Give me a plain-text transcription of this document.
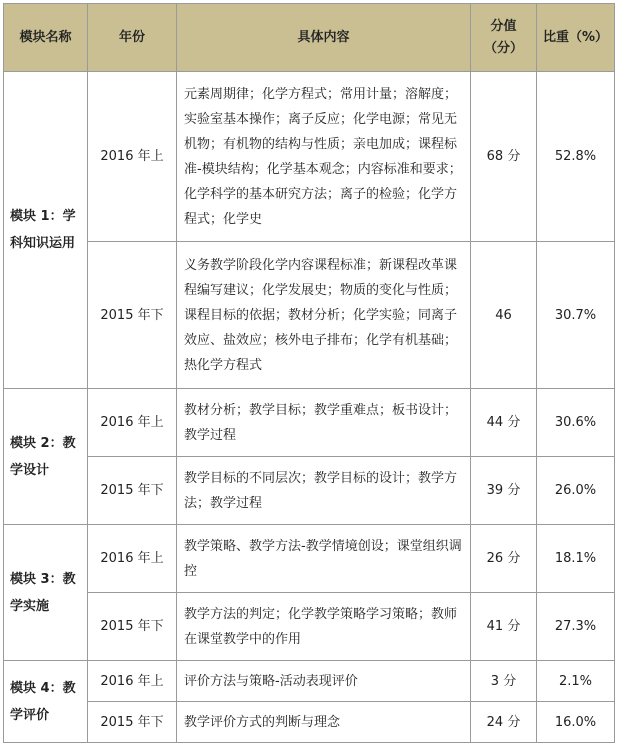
模块名称	年份	具体内容	分值（分）	比重（%）
模块 1：学科知识运用	2016 年上	元素周期律；化学方程式；常用计量；溶解度；实验室基本操作；离子反应；化学电源；常见无机物；有机物的结构与性质；亲电加成；课程标准-模块结构；化学基本观念；内容标准和要求；化学科学的基本研究方法；离子的检验；化学方程式；化学史	68 分	52.8%
	2015 年下	义务教学阶段化学内容课程标准；新课程改革课程编写建议；化学发展史；物质的变化与性质；课程目标的依据；教材分析；化学实验；同离子效应、盐效应；核外电子排布；化学有机基础；热化学方程式	46	30.7%
模块 2：教学设计	2016 年上	教材分析；教学目标；教学重难点；板书设计；教学过程	44 分	30.6%
	2015 年下	教学目标的不同层次；教学目标的设计；教学方法；教学过程	39 分	26.0%
模块 3：教学实施	2016 年上	教学策略、教学方法-教学情境创设；课堂组织调控	26 分	18.1%
	2015 年下	教学方法的判定；化学教学策略学习策略；教师在课堂教学中的作用	41 分	27.3%
模块 4：教学评价	2016 年上	评价方法与策略-活动表现评价	3 分	2.1%
	2015 年下	教学评价方式的判断与理念	24 分	16.0%
